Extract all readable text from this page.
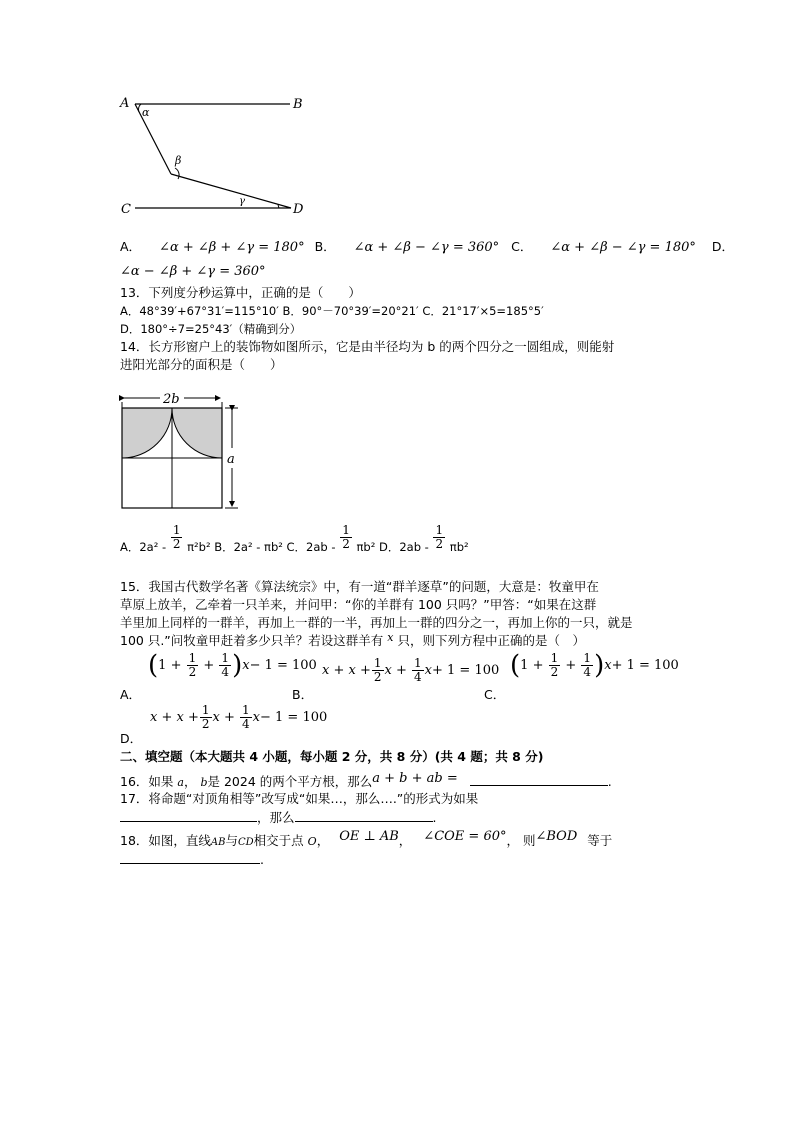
A	B
C	D
α
β
γ
A． ∠α + ∠β + ∠γ = 180° B． ∠α + ∠β − ∠γ = 360° C． ∠α + ∠β − ∠γ = 180° D．
∠α − ∠β + ∠γ = 360°
13．下列度分秒运算中，正确的是（　　）
A．48°39′+67°31′=115°10′ B．90°－70°39′=20°21′ C．21°17′×5=185°5′
D．180°÷7=25°43′（精确到分）
14．长方形窗户上的装饰物如图所示，它是由半径均为 b 的两个四分之一圆组成，则能射
进阳光部分的面积是（　　）
2b
a
A．$2a^2 - \frac{1}{2} \pi^2b^2$ B．2a² - πb² C．$2ab - \frac{1}{2} \pi b^2$ D．$2ab - \frac{1}{2} \pi b^2$
15．我国古代数学名著《算法统宗》中，有一道“群羊逐草”的问题，大意是：牧童甲在
草原上放羊，乙牵着一只羊来，并问甲：“你的羊群有 100 只吗？”甲答：“如果在这群
羊里加上同样的一群羊，再加上一群的一半，再加上一群的四分之一，再加上你的一只，就是
100 只.”问牧童甲赶着多少只羊？若设这群羊有 x 只，则下列方程中正确的是（　）
$(1 + \frac{1}{2} + \frac{1}{4} )x- 1 = 100$
A．	B．
$x + x + \frac{1}{2}$ $x + \frac{1}{4} x+ 1 = 100$
C．
$(1 + \frac{1}{2} + \frac{1}{4} )x+ 1 = 100$
$x + x + \frac{1}{2}$ $x + \frac{1}{4} x- 1 = 100$
D．
二、填空题（本大题共 4 小题，每小题 2 分，共 8 分）(共 4 题；共 8 分)
16．如果 a， b是 2024 的两个平方根，那么a + b + ab =	.
17．将命题“对顶角相等”改写成“如果…，那么….”的形式为如果
，那么	.
18．如图，直线AB与CD相交于点 O， OE ⊥ AB， ∠COE = 60°， 则∠BOD 等于
.
